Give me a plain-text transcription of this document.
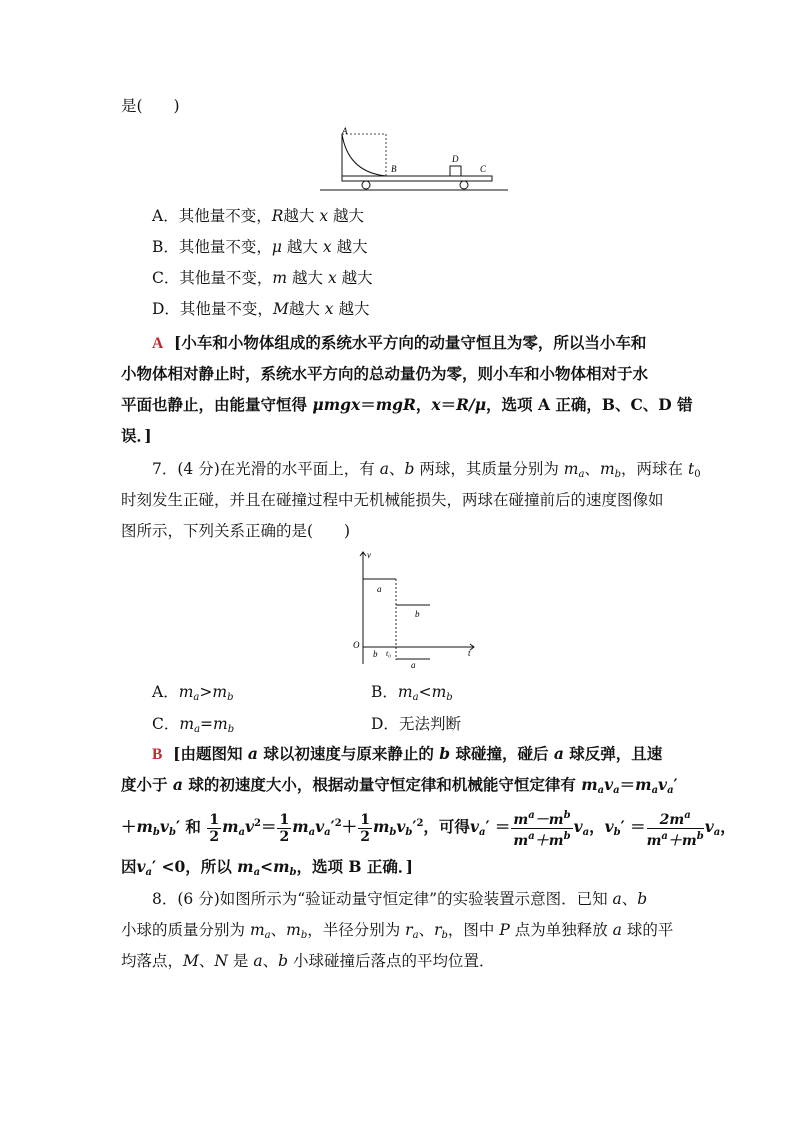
是(　　)
A
B
D
C
A．其他量不变，R越大 x 越大
B．其他量不变，μ 越大 x 越大
C．其他量不变，m 越大 x 越大
D．其他量不变，M越大 x 越大
A [小车和小物体组成的系统水平方向的动量守恒且为零，所以当小车和
小物体相对静止时，系统水平方向的总动量仍为零，则小车和小物体相对于水
平面也静止，由能量守恒得 μmgx＝mgR，x＝R/μ，选项 A 正确，B、C、D 错
误．]
7．(4 分)在光滑的水平面上，有 a、b 两球，其质量分别为 $m_a$、$m_b$，两球在 $t_0$
时刻发生正碰，并且在碰撞过程中无机械能损失，两球在碰撞前后的速度图像如
图所示，下列关系正确的是(　　)
v
O
t
t₀
a
b
b
a
A．$m_a>m_b$	B．$m_a<m_b$
C．$m_a=m_b$	D．无法判断
B [由题图知 a 球以初速度与原来静止的 b 球碰撞，碰后 a 球反弹，且速
度小于 a 球的初速度大小，根据动量守恒定律和机械能守恒定律有 $m_av_a=m_av_a'$
$+m_bv_b'$ 和 $\frac{1}{2} m_av^2= \frac{1}{2} m_av_a'^2+ \frac{1}{2} m_bv_b'^2$，可得$v_a' = \frac{m^a-m^b}{m^a+m^b} v_a$，$v_b' = \frac{2m^a}{m^a+m^b} v_a$，
因$v_a' <0$，所以 $m_a<m_b$，选项 B 正确．]
8．(6 分)如图所示为“验证动量守恒定律”的实验装置示意图．已知 a、b
小球的质量分别为 $m_a$、$m_b$，半径分别为 $r_a$、$r_b$，图中 P 点为单独释放 a 球的平
均落点，M、N 是 a、b 小球碰撞后落点的平均位置．
